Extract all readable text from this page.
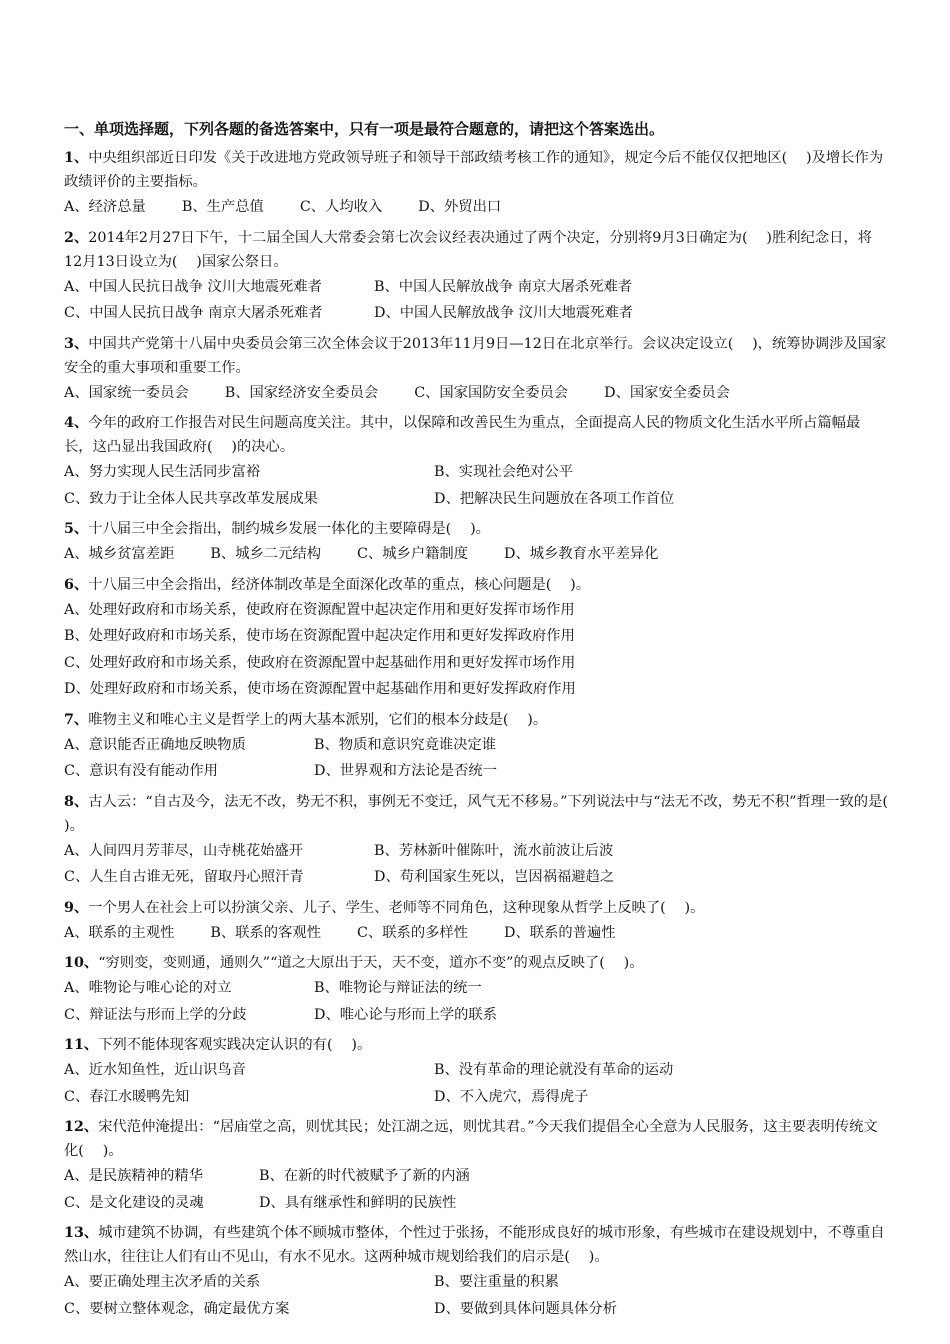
一、单项选择题，下列各题的备选答案中，只有一项是最符合题意的，请把这个答案选出。
1、中央组织部近日印发《关于改进地方党政领导班子和领导干部政绩考核工作的通知》，规定今后不能仅仅把地区(　 )及增长作为政绩评价的主要指标。
A、经济总量	B、生产总值	C、人均收入	D、外贸出口
2、2014年2月27日下午，十二届全国人大常委会第七次会议经表决通过了两个决定，分别将9月3日确定为(　 )胜利纪念日，将12月13日设立为(　 )国家公祭日。
A、中国人民抗日战争 汶川大地震死难者	B、中国人民解放战争 南京大屠杀死难者
C、中国人民抗日战争 南京大屠杀死难者	D、中国人民解放战争 汶川大地震死难者
3、中国共产党第十八届中央委员会第三次全体会议于2013年11月9日—12日在北京举行。会议决定设立(　 )，统筹协调涉及国家安全的重大事项和重要工作。
A、国家统一委员会	B、国家经济安全委员会	C、国家国防安全委员会	D、国家安全委员会
4、今年的政府工作报告对民生问题高度关注。其中，以保障和改善民生为重点，全面提高人民的物质文化生活水平所占篇幅最长，这凸显出我国政府(　 )的决心。
A、努力实现人民生活同步富裕	B、实现社会绝对公平
C、致力于让全体人民共享改革发展成果	D、把解决民生问题放在各项工作首位
5、十八届三中全会指出，制约城乡发展一体化的主要障碍是(　 )。
A、城乡贫富差距	B、城乡二元结构	C、城乡户籍制度	D、城乡教育水平差异化
6、十八届三中全会指出，经济体制改革是全面深化改革的重点，核心问题是(　 )。
A、处理好政府和市场关系，使政府在资源配置中起决定作用和更好发挥市场作用
B、处理好政府和市场关系，使市场在资源配置中起决定作用和更好发挥政府作用
C、处理好政府和市场关系，使政府在资源配置中起基础作用和更好发挥市场作用
D、处理好政府和市场关系，使市场在资源配置中起基础作用和更好发挥政府作用
7、唯物主义和唯心主义是哲学上的两大基本派别，它们的根本分歧是(　 )。
A、意识能否正确地反映物质	B、物质和意识究竟谁决定谁
C、意识有没有能动作用	D、世界观和方法论是否统一
8、古人云：“自古及今，法无不改，势无不积，事例无不变迁，风气无不移易。”下列说法中与“法无不改，势无不积”哲理一致的是(　 )。
A、人间四月芳菲尽，山寺桃花始盛开	B、芳林新叶催陈叶，流水前波让后波
C、人生自古谁无死，留取丹心照汗青	D、苟利国家生死以，岂因祸福避趋之
9、一个男人在社会上可以扮演父亲、儿子、学生、老师等不同角色，这种现象从哲学上反映了(　 )。
A、联系的主观性	B、联系的客观性	C、联系的多样性	D、联系的普遍性
10、“穷则变，变则通，通则久”“道之大原出于天，天不变，道亦不变”的观点反映了(　 )。
A、唯物论与唯心论的对立	B、唯物论与辩证法的统一
C、辩证法与形而上学的分歧	D、唯心论与形而上学的联系
11、下列不能体现客观实践决定认识的有(　 )。
A、近水知鱼性，近山识鸟音	B、没有革命的理论就没有革命的运动
C、春江水暖鸭先知	D、不入虎穴，焉得虎子
12、宋代范仲淹提出：“居庙堂之高，则忧其民；处江湖之远，则忧其君。”今天我们提倡全心全意为人民服务，这主要表明传统文化(　 )。
A、是民族精神的精华	B、在新的时代被赋予了新的内涵
C、是文化建设的灵魂	D、具有继承性和鲜明的民族性
13、城市建筑不协调，有些建筑个体不顾城市整体，个性过于张扬，不能形成良好的城市形象，有些城市在建设规划中，不尊重自然山水，往往让人们有山不见山，有水不见水。这两种城市规划给我们的启示是(　 )。
A、要正确处理主次矛盾的关系	B、要注重量的积累
C、要树立整体观念，确定最优方案	D、要做到具体问题具体分析
